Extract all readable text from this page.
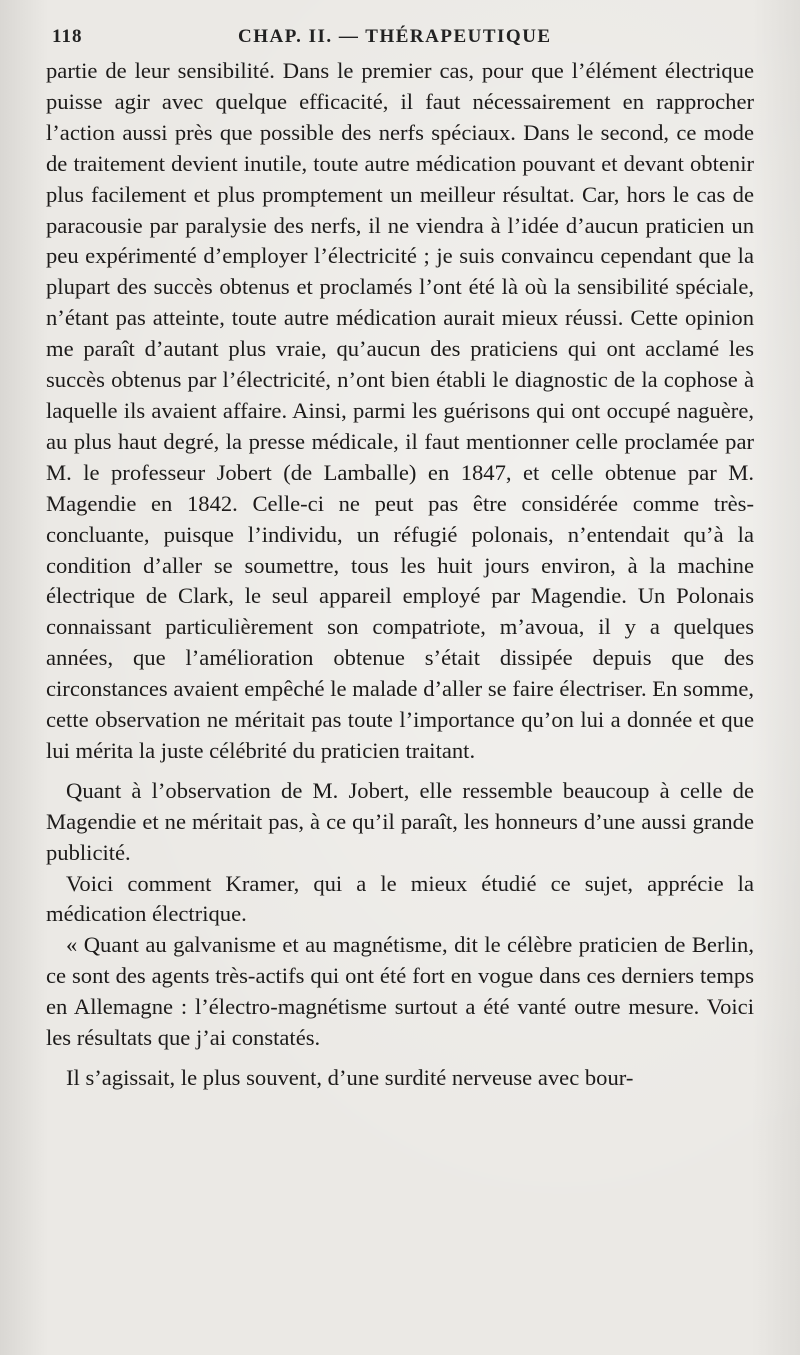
118	CHAP. II. — THÉRAPEUTIQUE

partie de leur sensibilité. Dans le premier cas, pour que l’élément électrique puisse agir avec quelque efficacité, il faut nécessairement en rapprocher l’action aussi près que possible des nerfs spéciaux. Dans le second, ce mode de traitement devient inutile, toute autre médication pouvant et devant obtenir plus facilement et plus promptement un meilleur résultat. Car, hors le cas de paracousie par paralysie des nerfs, il ne viendra à l’idée d’aucun praticien un peu expérimenté d’employer l’électricité ; je suis convaincu cependant que la plupart des succès obtenus et proclamés l’ont été là où la sensibilité spéciale, n’étant pas atteinte, toute autre médication aurait mieux réussi. Cette opinion me paraît d’autant plus vraie, qu’aucun des praticiens qui ont acclamé les succès obtenus par l’électricité, n’ont bien établi le diagnostic de la cophose à laquelle ils avaient affaire. Ainsi, parmi les guérisons qui ont occupé naguère, au plus haut degré, la presse médicale, il faut mentionner celle proclamée par M. le professeur Jobert (de Lamballe) en 1847, et celle obtenue par M. Magendie en 1842. Celle-ci ne peut pas être considérée comme très-concluante, puisque l’individu, un réfugié polonais, n’entendait qu’à la condition d’aller se soumettre, tous les huit jours environ, à la machine électrique de Clark, le seul appareil employé par Magendie. Un Polonais connaissant particulièrement son compatriote, m’avoua, il y a quelques années, que l’amélioration obtenue s’était dissipée depuis que des circonstances avaient empêché le malade d’aller se faire électriser. En somme, cette observation ne méritait pas toute l’importance qu’on lui a donnée et que lui mérita la juste célébrité du praticien traitant.

Quant à l’observation de M. Jobert, elle ressemble beaucoup à celle de Magendie et ne méritait pas, à ce qu’il paraît, les honneurs d’une aussi grande publicité.

Voici comment Kramer, qui a le mieux étudié ce sujet, apprécie la médication électrique.

« Quant au galvanisme et au magnétisme, dit le célèbre praticien de Berlin, ce sont des agents très-actifs qui ont été fort en vogue dans ces derniers temps en Allemagne : l’électro-magnétisme surtout a été vanté outre mesure. Voici les résultats que j’ai constatés.

Il s’agissait, le plus souvent, d’une surdité nerveuse avec bour-
